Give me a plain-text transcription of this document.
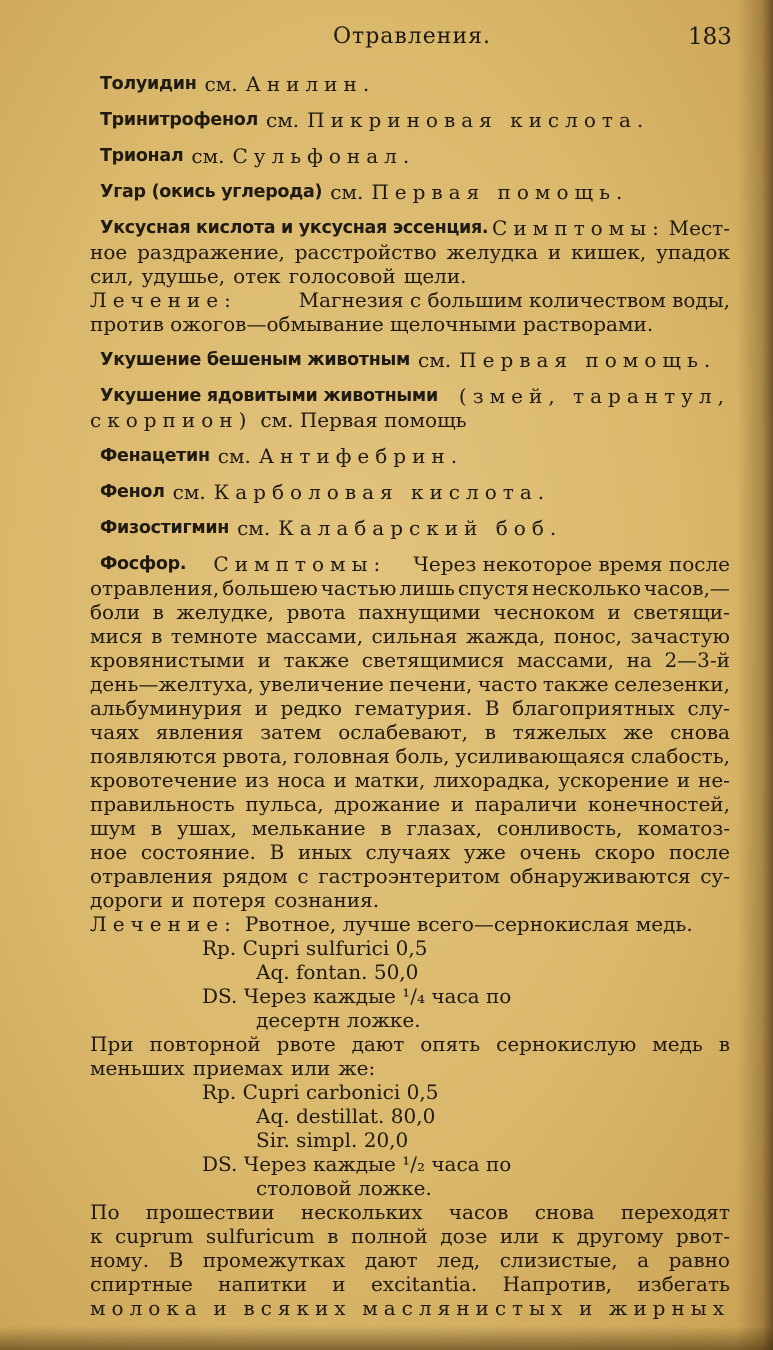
Отравления.	183
Толуидин см. Анилин.
Тринитрофенол см. Пикриновая кислота.
Трионал см. Сульфонал.
Угар (окись углерода) см. Первая помощь.
Уксусная кислота и уксусная эссенция. Симптомы: Мест-
ное раздражение, расстройство желудка и кишек, упадок
сил, удушье, отек голосовой щели.
Лечение:	Магнезия с большим количеством воды,
против ожогов—обмывание щелочными растворами.
Укушение бешеным животным см. Первая помощь.
Укушение ядовитыми животными (змей, тарантул,
скорпион) см. Первая помощь
Фенацетин см. Антифебрин.
Фенол см. Карболовая кислота.
Физостигмин см. Калабарский боб.
Фосфор. Симптомы: Через некоторое время после
отравления, большею частью лишь спустя несколько часов,—
боли в желудке, рвота пахнущими чесноком и светящи-
мися в темноте массами, сильная жажда, понос, зачастую
кровянистыми и также светящимися массами, на 2—3-й
день—желтуха, увеличение печени, часто также селезенки,
альбуминурия и редко гематурия. В благоприятных слу-
чаях явления затем ослабевают, в тяжелых же снова
появляются рвота, головная боль, усиливающаяся слабость,
кровотечение из носа и матки, лихорадка, ускорение и не-
правильность пульса, дрожание и параличи конечностей,
шум в ушах, мелькание в глазах, сонливость, коматоз-
ное состояние. В иных случаях уже очень скоро после
отравления рядом с гастроэнтеритом обнаруживаются су-
дороги и потеря сознания.
Лечение: Рвотное, лучше всего—сернокислая медь.
Rp. Cupri sulfurici 0,5
Aq. fontan. 50,0
DS. Через каждые ¹/₄ часа по
десертн ложке.
При повторной рвоте дают опять сернокислую медь в
меньших приемах или же:
Rp. Cupri carbonici 0,5
Aq. destillat. 80,0
Sir. simpl. 20,0
DS. Через каждые ¹/₂ часа по
столовой ложке.
По прошествии нескольких часов снова переходят
к cuprum sulfuricum в полной дозе или к другому рвот-
ному. В промежутках дают лед, слизистые, а равно
спиртные напитки и excitantia. Напротив, избегать
молока и всяких маслянистых и жирных
